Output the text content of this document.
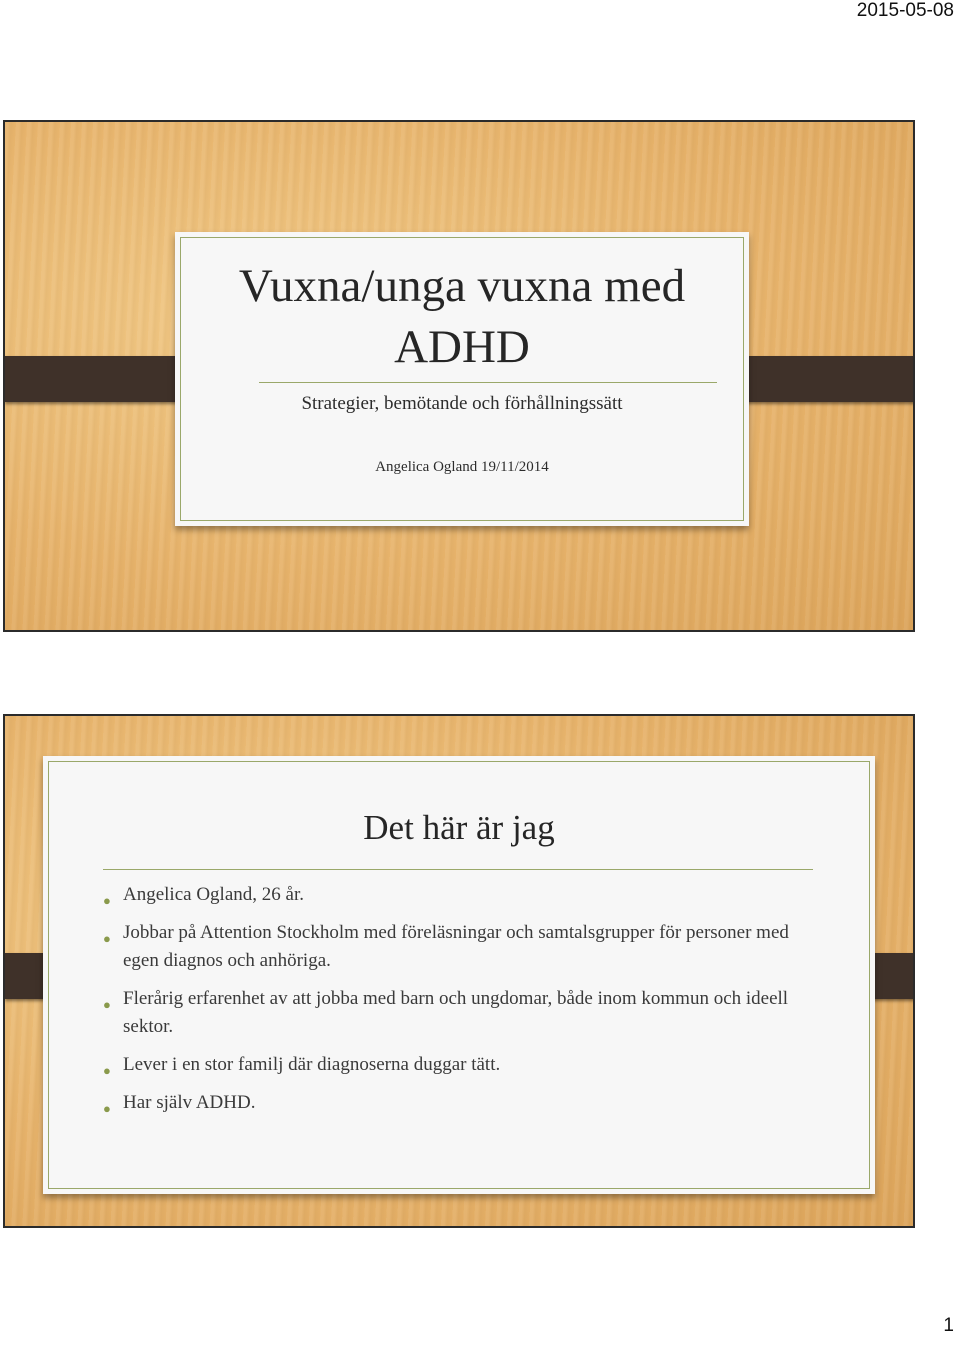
2015-05-08
Vuxna/unga vuxna med
ADHD
Strategier, bemötande och förhållningssätt
Angelica Ogland 19/11/2014
Det här är jag
● Angelica Ogland, 26 år.
● Jobbar på Attention Stockholm med föreläsningar och samtalsgrupper för personer med egen diagnos och anhöriga.
● Flerårig erfarenhet av att jobba med barn och ungdomar, både inom kommun och ideell sektor.
● Lever i en stor familj där diagnoserna duggar tätt.
● Har själv ADHD.
1
